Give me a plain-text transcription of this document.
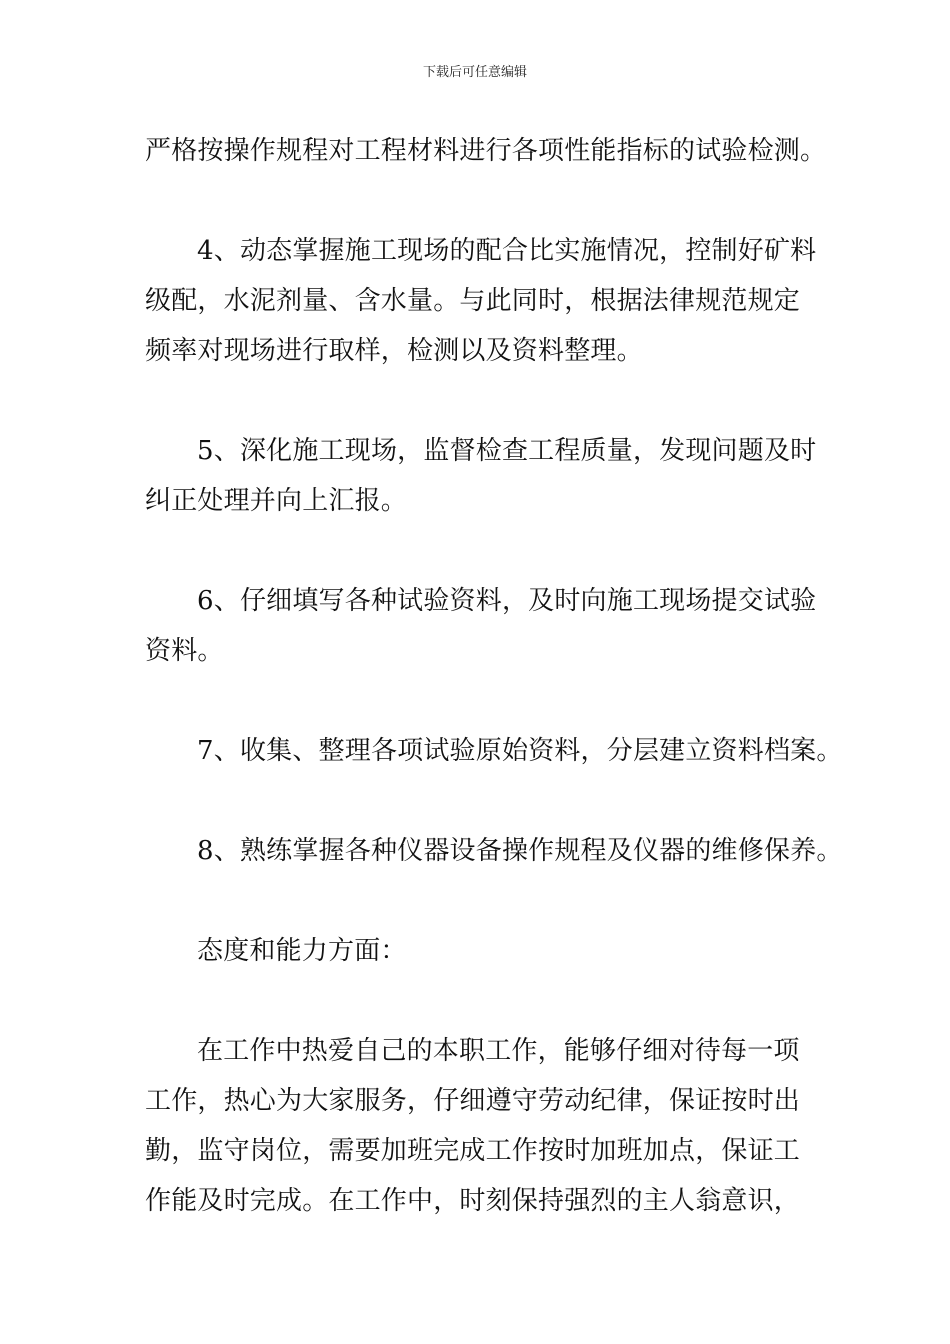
下载后可任意编辑
严格按操作规程对工程材料进行各项性能指标的试验检测。
4、动态掌握施工现场的配合比实施情况，控制好矿料
级配，水泥剂量、含水量。与此同时，根据法律规范规定
频率对现场进行取样，检测以及资料整理。
5、深化施工现场，监督检查工程质量，发现问题及时
纠正处理并向上汇报。
6、仔细填写各种试验资料，及时向施工现场提交试验
资料。
7、收集、整理各项试验原始资料，分层建立资料档案。
8、熟练掌握各种仪器设备操作规程及仪器的维修保养。
态度和能力方面：
在工作中热爱自己的本职工作，能够仔细对待每一项
工作，热心为大家服务，仔细遵守劳动纪律，保证按时出
勤，监守岗位，需要加班完成工作按时加班加点，保证工
作能及时完成。在工作中，时刻保持强烈的主人翁意识，
